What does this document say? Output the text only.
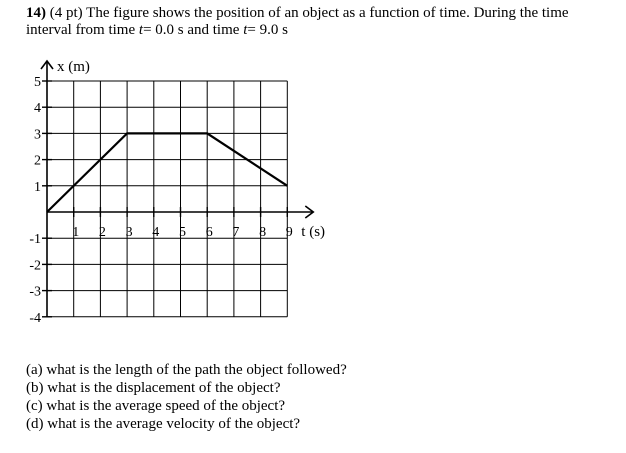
14) (4 pt) The figure shows the position of an object as a function of time. During the time
interval from time t= 0.0 s and time t= 9.0 s
1 2 3 4 5 6 7 8 9
5
4
3
2
1
-1
-2
-3
-4
x (m)
t (s)
(a) what is the length of the path the object followed?
(b) what is the displacement of the object?
(c) what is the average speed of the object?
(d) what is the average velocity of the object?
